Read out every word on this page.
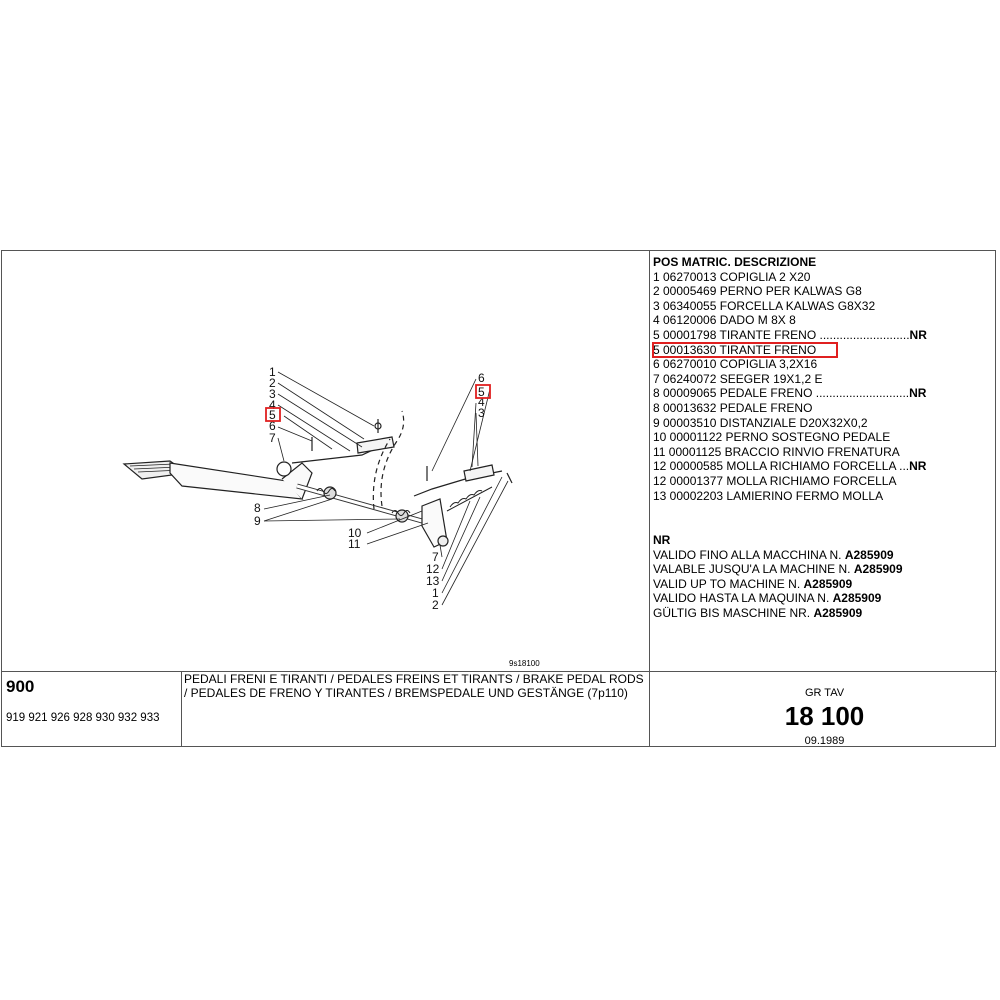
1
2
3
4
5
6
7
6
5
4
3
8
9
10
11
7
12
13
1
2
9s18100
POS MATRIC. DESCRIZIONE
1 06270013 COPIGLIA 2 X20
2 00005469 PERNO PER KALWAS G8
3 06340055 FORCELLA KALWAS G8X32
4 06120006 DADO M 8X 8
5 00001798 TIRANTE FRENO ...........................NR
5 00013630 TIRANTE FRENO
6 06270010 COPIGLIA 3,2X16
7 06240072 SEEGER 19X1,2 E
8 00009065 PEDALE FRENO ............................NR
8 00013632 PEDALE FRENO
9 00003510 DISTANZIALE D20X32X0,2
10 00001122 PERNO SOSTEGNO PEDALE
11 00001125 BRACCIO RINVIO FRENATURA
12 00000585 MOLLA RICHIAMO FORCELLA ...NR
12 00001377 MOLLA RICHIAMO FORCELLA
13 00002203 LAMIERINO FERMO MOLLA
NR
VALIDO FINO ALLA MACCHINA N. A285909
VALABLE JUSQU'A LA MACHINE N. A285909
VALID UP TO MACHINE N. A285909
VALIDO HASTA LA MAQUINA N. A285909
GÜLTIG BIS MASCHINE NR. A285909
900
919 921 926 928 930 932 933
PEDALI FRENI E TIRANTI / PEDALES FREINS ET TIRANTS / BRAKE PEDAL RODS / PEDALES DE FRENO Y TIRANTES / BREMSPEDALE UND GESTÄNGE (7p110)	GR TAV
18 100
09.1989
